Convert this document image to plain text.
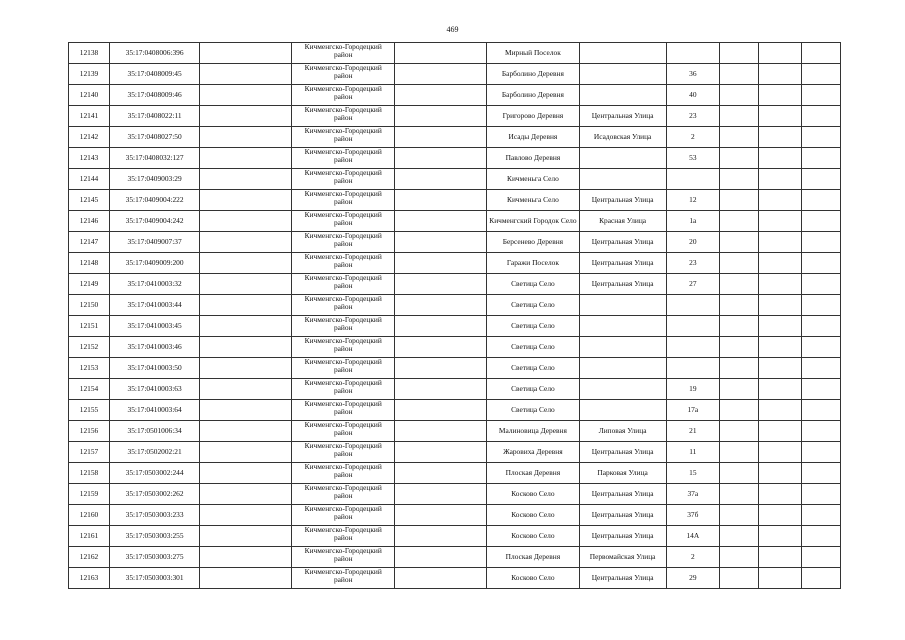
469
12138	35:17:0408006:396		Кичменгско-Городецкий район		Мирный Поселок					
12139	35:17:0408009:45		Кичменгско-Городецкий район		Барболино Деревня		36			
12140	35:17:0408009:46		Кичменгско-Городецкий район		Барболино Деревня		40			
12141	35:17:0408022:11		Кичменгско-Городецкий район		Григорово Деревня	Центральная Улица	23			
12142	35:17:0408027:50		Кичменгско-Городецкий район		Исады Деревня	Исадовская Улица	2			
12143	35:17:0408032:127		Кичменгско-Городецкий район		Павлово Деревня		53			
12144	35:17:0409003:29		Кичменгско-Городецкий район		Кичменьга Село					
12145	35:17:0409004:222		Кичменгско-Городецкий район		Кичменьга Село	Центральная Улица	12			
12146	35:17:0409004:242		Кичменгско-Городецкий район		Кичменгский Городок Село	Красная Улица	1а			
12147	35:17:0409007:37		Кичменгско-Городецкий район		Берсенево Деревня	Центральная Улица	20			
12148	35:17:0409009:200		Кичменгско-Городецкий район		Гаражи Поселок	Центральная Улица	23			
12149	35:17:0410003:32		Кичменгско-Городецкий район		Светица Село	Центральная Улица	27			
12150	35:17:0410003:44		Кичменгско-Городецкий район		Светица Село					
12151	35:17:0410003:45		Кичменгско-Городецкий район		Светица Село					
12152	35:17:0410003:46		Кичменгско-Городецкий район		Светица Село					
12153	35:17:0410003:50		Кичменгско-Городецкий район		Светица Село					
12154	35:17:0410003:63		Кичменгско-Городецкий район		Светица Село		19			
12155	35:17:0410003:64		Кичменгско-Городецкий район		Светица Село		17а			
12156	35:17:0501006:34		Кичменгско-Городецкий район		Малиновица Деревня	Липовая Улица	21			
12157	35:17:0502002:21		Кичменгско-Городецкий район		Жаровиха Деревня	Центральная Улица	11			
12158	35:17:0503002:244		Кичменгско-Городецкий район		Плоская Деревня	Парковая Улица	15			
12159	35:17:0503002:262		Кичменгско-Городецкий район		Косково Село	Центральная Улица	37а			
12160	35:17:0503003:233		Кичменгско-Городецкий район		Косково Село	Центральная Улица	37б			
12161	35:17:0503003:255		Кичменгско-Городецкий район		Косково Село	Центральная Улица	14А			
12162	35:17:0503003:275		Кичменгско-Городецкий район		Плоская Деревня	Первомайская Улица	2			
12163	35:17:0503003:301		Кичменгско-Городецкий район		Косково Село	Центральная Улица	29			
